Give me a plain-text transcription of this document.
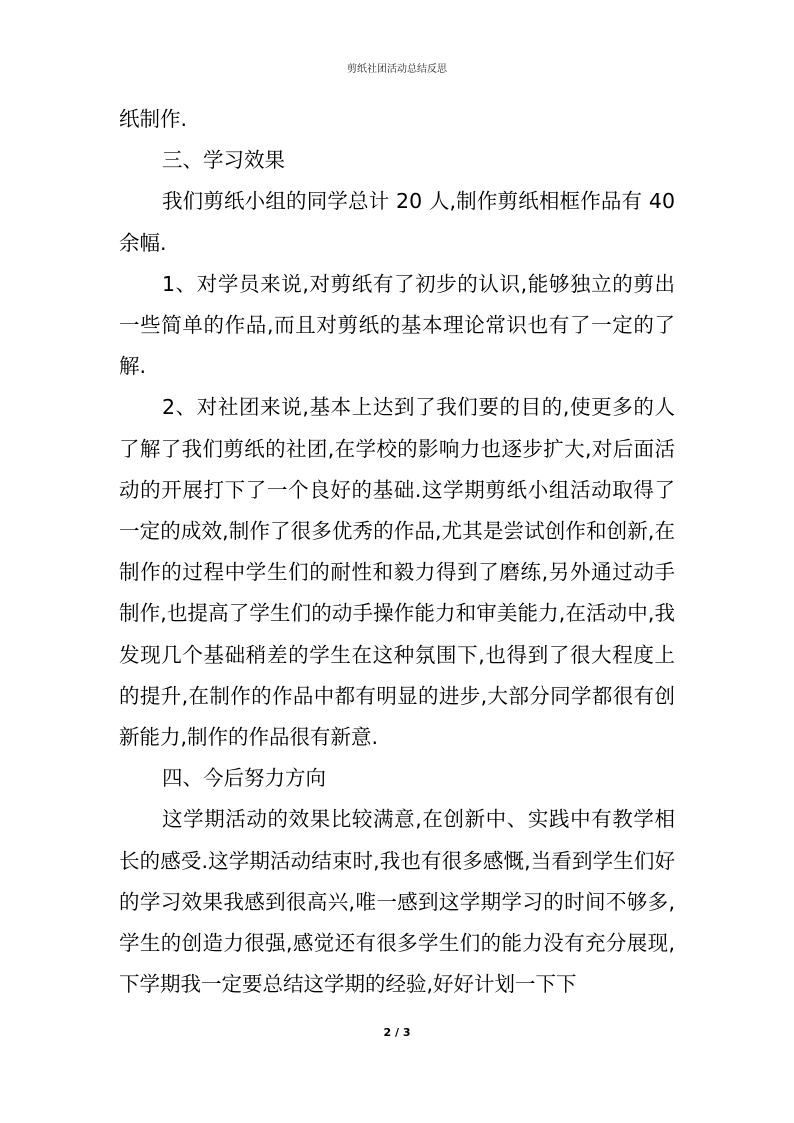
剪纸社团活动总结反思

纸制作.

三、学习效果

我们剪纸小组的同学总计 20 人,制作剪纸相框作品有 40 余幅.

1、对学员来说,对剪纸有了初步的认识,能够独立的剪出一些简单的作品,而且对剪纸的基本理论常识也有了一定的了解.

2、对社团来说,基本上达到了我们要的目的,使更多的人了解了我们剪纸的社团,在学校的影响力也逐步扩大,对后面活动的开展打下了一个良好的基础.这学期剪纸小组活动取得了一定的成效,制作了很多优秀的作品,尤其是尝试创作和创新,在制作的过程中学生们的耐性和毅力得到了磨练,另外通过动手制作,也提高了学生们的动手操作能力和审美能力,在活动中,我发现几个基础稍差的学生在这种氛围下,也得到了很大程度上的提升,在制作的作品中都有明显的进步,大部分同学都很有创新能力,制作的作品很有新意.

四、今后努力方向

这学期活动的效果比较满意,在创新中、实践中有教学相长的感受.这学期活动结束时,我也有很多感慨,当看到学生们好的学习效果我感到很高兴,唯一感到这学期学习的时间不够多,学生的创造力很强,感觉还有很多学生们的能力没有充分展现,下学期我一定要总结这学期的经验,好好计划一下下

2 / 3
